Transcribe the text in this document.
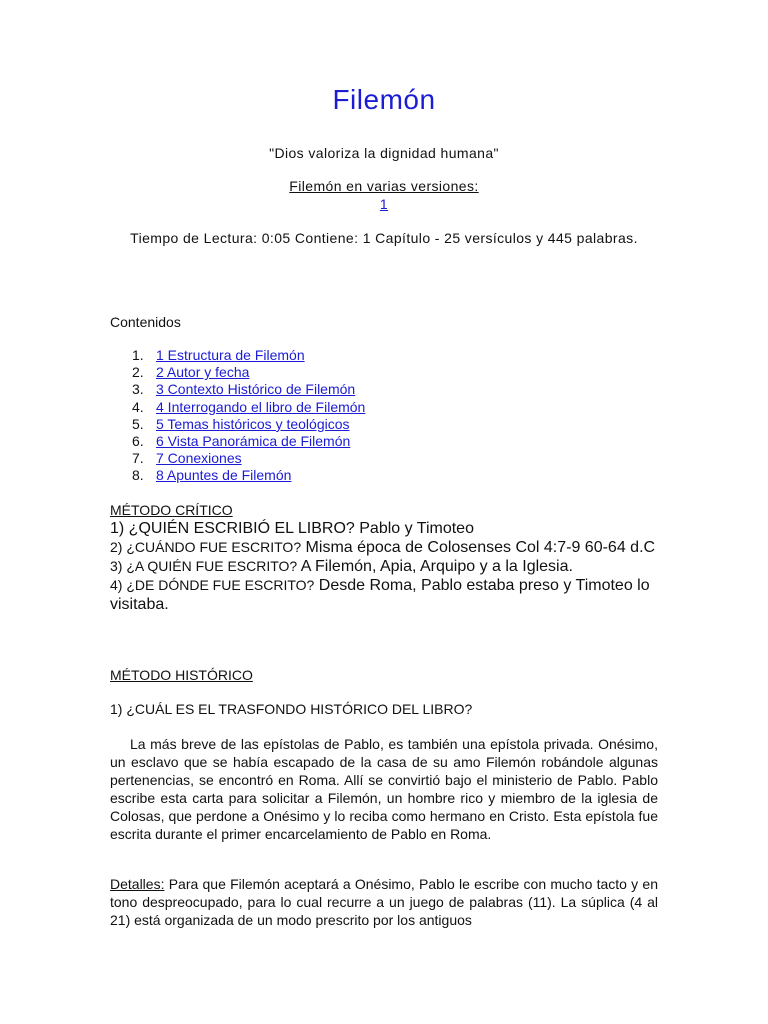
Filemón
"Dios valoriza la dignidad humana"
Filemón en varias versiones:
1
Tiempo de Lectura: 0:05 Contiene: 1 Capítulo - 25 versículos y 445 palabras.
Contenidos
1. 1 Estructura de Filemón
2. 2 Autor y fecha
3. 3 Contexto Histórico de Filemón
4. 4 Interrogando el libro de Filemón
5. 5 Temas históricos y teológicos
6. 6 Vista Panorámica de Filemón
7. 7 Conexiones
8. 8 Apuntes de Filemón
MÉTODO CRÍTICO
1) ¿QUIÉN ESCRIBIÓ EL LIBRO? Pablo y Timoteo
2) ¿CUÁNDO FUE ESCRITO? Misma época de Colosenses Col 4:7-9 60-64 d.C
3) ¿A QUIÉN FUE ESCRITO? A Filemón, Apia, Arquipo y a la Iglesia.
4) ¿DE DÓNDE FUE ESCRITO? Desde Roma, Pablo estaba preso y Timoteo lo visitaba.
MÉTODO HISTÓRICO
1) ¿CUÁL ES EL TRASFONDO HISTÓRICO DEL LIBRO?
La más breve de las epístolas de Pablo, es también una epístola privada. Onésimo, un esclavo que se había escapado de la casa de su amo Filemón robándole algunas pertenencias, se encontró en Roma. Allí se convirtió bajo el ministerio de Pablo. Pablo escribe esta carta para solicitar a Filemón, un hombre rico y miembro de la iglesia de Colosas, que perdone a Onésimo y lo reciba como hermano en Cristo. Esta epístola fue escrita durante el primer encarcelamiento de Pablo en Roma.
Detalles: Para que Filemón aceptará a Onésimo, Pablo le escribe con mucho tacto y en tono despreocupado, para lo cual recurre a un juego de palabras (11). La súplica (4 al 21) está organizada de un modo prescrito por los antiguos
